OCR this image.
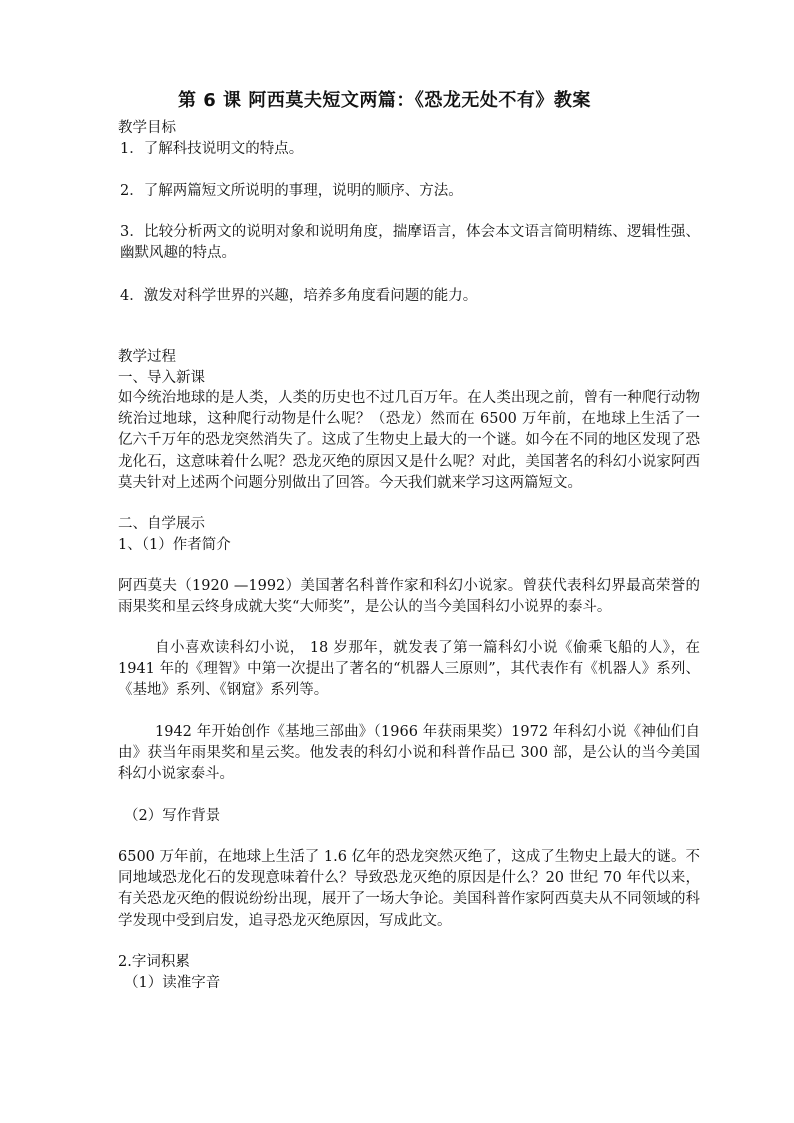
第 6 课 阿西莫夫短文两篇：《恐龙无处不有》教案
教学目标
1．了解科技说明文的特点。
2．了解两篇短文所说明的事理，说明的顺序、方法。
3．比较分析两文的说明对象和说明角度，揣摩语言，体会本文语言简明精练、逻辑性强、幽默风趣的特点。
4．激发对科学世界的兴趣，培养多角度看问题的能力。
教学过程
一、导入新课
如今统治地球的是人类，人类的历史也不过几百万年。在人类出现之前，曾有一种爬行动物统治过地球，这种爬行动物是什么呢？（恐龙）然而在 6500 万年前，在地球上生活了一亿六千万年的恐龙突然消失了。这成了生物史上最大的一个谜。如今在不同的地区发现了恐龙化石，这意味着什么呢？恐龙灭绝的原因又是什么呢？对此，美国著名的科幻小说家阿西莫夫针对上述两个问题分别做出了回答。今天我们就来学习这两篇短文。
二、自学展示
1、（1）作者简介
阿西莫夫（1920 —1992）美国著名科普作家和科幻小说家。曾获代表科幻界最高荣誉的雨果奖和星云终身成就大奖“大师奖”，是公认的当今美国科幻小说界的泰斗。
自小喜欢读科幻小说， 18 岁那年，就发表了第一篇科幻小说《偷乘飞船的人》，在 1941 年的《理智》中第一次提出了著名的“机器人三原则”，其代表作有《机器人》系列、《基地》系列、《钢窟》系列等。
1942 年开始创作《基地三部曲》（1966 年获雨果奖）1972 年科幻小说《神仙们自由》获当年雨果奖和星云奖。他发表的科幻小说和科普作品已 300 部，是公认的当今美国科幻小说家泰斗。
（2）写作背景
6500 万年前，在地球上生活了 1.6 亿年的恐龙突然灭绝了，这成了生物史上最大的谜。不同地域恐龙化石的发现意味着什么？导致恐龙灭绝的原因是什么？20 世纪 70 年代以来，有关恐龙灭绝的假说纷纷出现，展开了一场大争论。美国科普作家阿西莫夫从不同领域的科学发现中受到启发，追寻恐龙灭绝原因，写成此文。
2.字词积累
（1）读准字音
